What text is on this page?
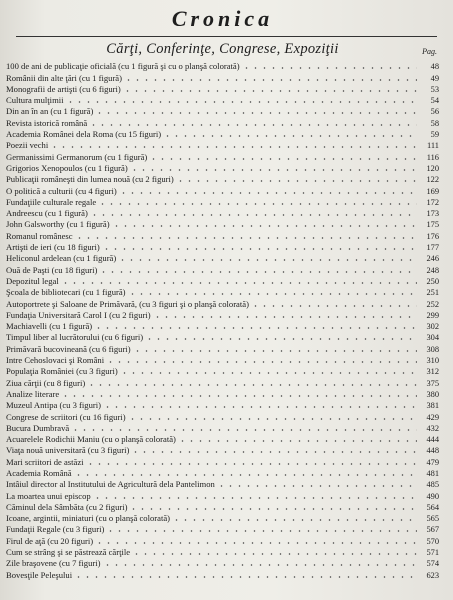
Cronica
Cărţi, Conferinţe, Congrese, Expoziţii	Pag.
100 de ani de publicaţie oficială (cu 1 figură şi cu o planşă colorată)	48
Românii din alte ţări (cu 1 figură)	49
Monografii de artişti (cu 6 figuri)	53
Cultura mulţimii	54
Din an în an (cu 1 figură)	56
Revista istorică română	58
Academia Românei dela Roma (cu 15 figuri)	59
Poezii vechi	111
Germanissimi Germanorum (cu 1 figură)	116
Grigorios Xenopoulos (cu 1 figură)	120
Publicaţii româneşti din lumea nouă (cu 2 figuri)	122
O politică a culturii (cu 4 figuri)	169
Fundaţiile culturale regale	172
Andreescu (cu 1 figură)	173
John Galsworthy (cu 1 figură)	175
Romanul românesc	176
Artişti de ieri (cu 18 figuri)	177
Heliconul ardelean (cu 1 figură)	246
Ouă de Paşti (cu 18 figuri)	248
Depozitul legal	250
Şcoala de bibliotecari (cu 1 figură)	251
Autoportrete şi Saloane de Primăvară, (cu 3 figuri şi o planşă colorată)	252
Fundaţia Universitară Carol I (cu 2 figuri)	299
Machiavelli (cu 1 figură)	302
Timpul liber al lucrătorului (cu 6 figuri)	304
Primăvară bucovineană (cu 6 figuri)	308
Intre Cehoslovaci şi Români	310
Populaţia României (cu 3 figuri)	312
Ziua cărţii (cu 8 figuri)	375
Analize literare	380
Muzeul Antipa (cu 3 figuri)	381
Congrese de scriitori (cu 16 figuri)	429
Bucura Dumbravă	432
Acuarelele Rodichii Maniu (cu o planşă colorată)	444
Viaţa nouă universitară (cu 3 figuri)	448
Mari scriitori de astăzi	479
Academia Română	481
Intâiul director al Institutului de Agricultură dela Pantelimon	485
La moartea unui episcop	490
Căminul dela Sâmbăta (cu 2 figuri)	564
Icoane, argintii, miniaturi (cu o planşă colorată)	565
Fundaţii Regale (cu 3 figuri)	567
Firul de aţă (cu 20 figuri)	570
Cum se strâng şi se păstrează cărţile	571
Zile braşovene (cu 7 figuri)	574
Bovesţile Peleşului	623
